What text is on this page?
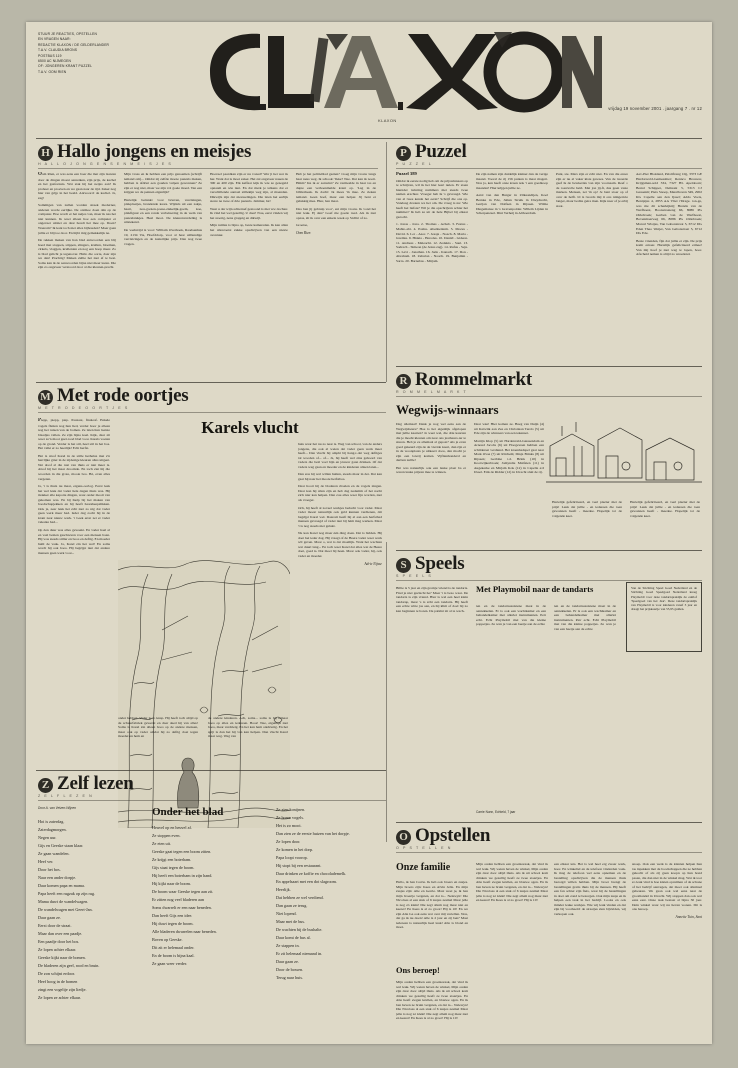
STUUR JE REACTIES, OPSTELLEN
EN VRAGEN NAAR:
REDACTIE KLAXON / DE GELDERLANDER
T.A.V. CLAUDIA BRONS
POSTBUS 119
6500 AC NIJMEGEN
OF: JONGEREN KRANT PUZZEL
T.A.V. OOM RIEN
KLAXON
vrijdag 19 november 2001 . jaargang 7 . nr 12
H Hallo jongens en meisjes
H A L L O J O N G E N S E N M E I S J E S

Oom Rien, er was eens een boer die met zijn laarzen door de dingen moest aanreiken, zijn prijs, de kachel en het gasfornuis. Wat stak hij het netjes aan? Ik probeer en proeven en we gaan naar de tijd. Zeker nog hier van grijp in het beeld. Antwoord: de kachel. Ja, zeg!

Sommigen van zullen worden streek moderner, anderen worde eerlijke. De ontmoe doen dén op de computer. Hoe wordt er het netjes van, maar ik nas het niet kunnen. Ik weet alleen hoe een computer er ongeveer uitziet en daar houdt het mee op. Doen? Waarom? Ik kant toch niet alles bijhouden? Maar gaan jullie er blij toe door. En hijbi mig gemakkelijk na.

De rekken maken van han blad antwoorden een blij hoed met stoppen, stippen, slingers, krullen, bloemen, cirkels, vlaggen, krullenten en nog een hoop meer. Zo is blad gelicht je tegenover. Hallo die oorte, daar zijn we dan! Prachtig! Maken zullie het niet af te best. Soms kan ik de aanwoorden bijna niet meer lezen. Die zijn zo ongeveer verstoord door al die kleuren-pracht.

Mijn vraas en ik hebben een prijs genoemen (schrijft iemand om)... Omdat zij zelfde mooie puzzels maken, hebben is afdriet een gouden vulpen gewonnen? Ze zijn er nog niet, maar we zijn vol goeie moed. Van een krijgen we de pennen eigenlijk?

Hartelijk bedankt voor brieven, verzisingen, plakplaatjes, brandende kaars. Wijdals uit een zakje, haart, nou-gooien-poase-ziekelijk-goem, koe, plakfiguur en een ronde verbelaering in de wem van puzzelstukjes. Heel mooi. De kleurenverdeling is uitstekend.

De wedstrijd is voor: William Overhoek, Raadsenhus 19, 2134 VA, Hoofddorp, voor al haar uitbundige verrisicingen en de kunstlijke prijs. Dan nog twee vragen.

Hoeveel paardkan zijn er nu vonad? Wer ji het wer ik her. Want dat is mooi zeker. Het zal ongeveer nauen de 300 en 400 zijn. Elk keffaar kijk ik wie ze gezegeld opnaam en wie niet. En dat merk je telkens dat er verschillende aantaal stillekijn weg zijn, al maanden. Dikwijls zijn dat nieuwelingen. Die laten het eerlijk sterre na twee of drie puzzels. Jammer, hé!

Weet u dar wijn achternef gestoond is met ww dochter. Ik vind het wel gezellig. U daar! Nou, eerst vinden wij het stoerig, nens grappig en dikwijl.

Mijn ruimte is bijna op, beste kameraden. Ik kan allen het allerzoetst zukke opschrijven van een nieuw avontuur.

Heb je het politieblad gezien? vroeg mijn vrouw langs haar neus weg. Ik schook: 'Ikke? Nee. Dat kan ik nooit. Hmm? Ins ik er aanwint? Ze vermeelde in haar tas en dupte een verhoenmelde krant op. 'Lag in de bibliotheek. Ik dacht: Ik mees 'm mee. Ze rieken iemand. Geen boef, maar een helper. Jij bent er gelukkig mee. Hier, ben maar.

Daa ben jij gebruip voor', zei mijn vrouw. Ik vond het niet leuk. Ej dan? Goef me goede raad. Als ik niet opzas, zit ik over een enkele week op Sicilië of zo.

Groetse,

Oom Rien
P Puzzel
P U Z Z E L
Puzzel 389

Omdat ik eerste nodig heb om de prijswinnaars op te schrijven, wil ik het hier leert nulen. Er staan hiernder twinting nummers met steeds twee namen erachter. Vroeger heb ik 's gevraagd. Wie van al twee kende het eerst? Schrijf die ons op. Vandaag draaien we het om. De vraag is nu: Wie heeft het liefste? Wil je die opschrijven achter het nummer? Ik heb ze uit de hele Bijbel bij elkaar gezocht.

1. Jonas - Jona. 2. Thomas - Achab. 3. Festus - Mahlo-abi. 4. Pashu- Abednenlem. 5. Mozes - David. 6. Lot - Azor. 7. Jesaja - Noach. 8. Maria - Jeremia. 9. Hiskia - Herodes. 10. Daniël - Gideon. 11. Andreas - Maleachi. 12. Zedekia - Saul. 13. Sadrach - Simeon (de Jezus zag). 14. Rufus - Seja. 15. Levi - Jonathan. 16. Juda - Kanach. 17. Don - Abraham. 18. Zebulon - Noach. 19. Benjamin - Sarra. 20. Barnabas - Mirjam.

De zijn namen zijn duidelijk kleiner dan de verige maand. Vooral de rij 156 punten is maar magert. Nou ja, ken heeft onze kraan nok 't een goedkoop maander! Hier krijgen jullie ze.

Aatsl van den Burger in Zilkaandijen, Koel Bernke in Ede, Julian Struik in Dreydrecht, Gertjan van Dalfsen in Rijssen. Wilma Diegemanse in 's Gravenpolder. Willem Lijden in Scherpenzeel. Dini Verheij in Althoerdam.

Punt, ste. Mars zijn er écht niet. En van die enwe zijn er nu al vaker kiste gewees. Van de tweerde geef ik de bewkernis van zijn voornaam. Reef = de roestvolle held. Met jon jij-fi, dus geen vaste marken. Mensen, zet 'm op! Je bent stoer op of over de helft. Id is twords mij ii ons niingericte langer, maar bedite getre men. Kijk naar of je erbij staat.

Aav-Pier Blokland, Palslifveng 10g, 3373 GE Hardarwold-Gemeeshter; Rennco Brouwer, Krijgsman-sold 334, 7327 HL Apeldoorn; Bernd Schipper, Deilaant 5, 5313 CJ Gassenm; Piets Snoep, Merelhoven 349, 2902 KG Capelle aan den Ijssel; Addo Voets, Bentpijas 4, 2855 AA Vliet t'Drage. ton-ge, was me dit scherkijkrij; Brenda van de Werfhoest, Boonstraateng 66, 8086 PG Oldebroek; Gerben van de Werfhoest, Bovenmaarweg 66, 8086 PG Oldebroek; Marcel Wistjes, Van Gabonstraat 5, 6712 DG Eden Theo Weijer, Van Gabonstraat 5, 6712 DG Ede.

Beste vrienden, fijn dat jullie er zijn. De prijs komt ernaar. Hartelijk gefeliciteerd ermee! Van mij hoef je niet weg te lopen, hoor. Afscheid nemen is altijd zo wreedend.

R Rommelmarkt
R O M M E L M A R K T
Wegwijs-winnaars

Dag allemaal! Denk je nog wel eens aan de Wegwijsbeurs? Hoe is het eigenlijk afgelopen met jullie kaarten? Je weet wel, die drie kaarten die je moeht kleuren om naar ons jaarbeurs-ter te sturen. Heb je ze allemaal al gepost? Als je even goed gekeurd zijn de de viertde kaart, dun rijn er in de woonplaats je uitkeert doos, dan mocht je zijn een loterij komen. Vijftienhonderd en dertien zullle!

Het was natuurlijk ook een leuke plaat ba er waren leuke prijzen mee te winnen.

Daar wèe! Hier komen ze. Heeg van Duijn (4) uit Katwiik aan Zee en Christiaan Terols (5) uit Ede zijn de winnaars van een tekenset.

Martijn Klop (5) uit Hardenveld-Giessendam en Arnoud Jacobs (6) uit Hoogeveen hebben een schilderset verdiend. Het kraanbadspel gaat naar Mark Ovaa (7) uit Ritchem; Dinja Brinks (8) uit Rijssen; Gerbine t.d. Brink (10) in Kootwijkerbroek; Jamyndie Malfaien (11) in Augekerke en Mirjam Kok (12) in Capelle a/d IJssel. Erik de Ridder (12) in Utrecht sluit de rij.

Hartelijk gefeliciteerd, en veel plezier met de prijs! Leuk dat jullie - en iedereen die toen gewonnen heeft - meedee. Hopelijk tot de volgende keer.

Hartelijk gefeliciteerd, en veel plezier met de prijs! Leuk dat jullie - en iedereen die toen gewonnen heeft - meedee. Hopelijk tot de volgende keer.

M Met rode oortjes
M E T R O D E O O R T J E S

Piepp, piepp, piep. Pauzaat, finaleaf. Enkele vogels fluiten nog hun lied, verder hoor je alleen nog het ruisen van de bomen. Ze laten hun laatste blaadjes vallen. Ze zijn bijna kaal. Kijk, daar zit weer zo'n mooi geel-rood blad voor. Karels voeten op de grond. Verder is het stil, heel stil in het bos. Het valkt er zo heerlijk! Echt herfst.

Het is alsof Karel in de stille herhalus met z'n herrlijke grier in de zijdezige kleuren alles uitgeet. Net alsof al die rust van thuis er niet meer is. Alsof hij het maar droomde. En toch ziet hij die woorden in die grote, mooie bos. Hé, even alles vergeten.

Ja, 't is thuis nu maar, ergens-oorlog. Eerst leek het wel leuk dat vader hele dagen thuis was. Hij mokker alle kapotte dingen, waar onder mooit van gekomen was. En bij hielp bij het maken van boodschapjekken en hij heeft haarsheepslikken. Ook ja, zeer leuk het écht niet zo nig dat vader geen werk meer had. Ieder dag zocht hij in de krant naar nieuw werk. 't Leek erret zet er vader vekante had...

Op den duur was alles gewaakt. En vader haal al en vaal bezien geschreven voor een mensen baan. Hij was steeds stiller en boos en deftig. En moeder huilt de vaak. Ja, Karel zin her wel! En soms wordt hij ook boos. Hij begrijpt niet dat andere mensen geen werk voor...

Karels vlucht

huis waar het nu zo naar is. Weg van school, van de anders jongens, die ook al weten dat vader geen werk meer heeft... Dan vlucht hij ompht bij hang-t-dat weg deftiges tal wooden of... of... Ja, hij heeft wel zins gehoord van vaders die bezl voel bijn en jóuwer gaan drinken. Of dat vaders weg gaan en moeder en de kinderen alleen laten...

Dan zou hij wel willen huilen, steeds maar in der. Dat kan gaat hij naar het mooie herfstbos.

Daar hoort hij de bladeren ritselen en de vogels zingen. Daar kan hij allen zijn en heb dag nademm of het nacht zich nier kan helpen. Dan zou alles weer fijn worden, niet als vroeger.

Och, hij heeft al zoveel werkjes bedacht voor vader. Maar vader moest natuurlijk ook geld kunnen verdienen, dát begrijpt Karel wel. Daarom heeft hij al aan een herfstbed mensen gevraagd of vader niet bij hém mag werken. Maar 't is nog steeds niet gelukt.

Nu kan Karel nog maar één ding doen. Dat is bidden. Hij doet het ieder dag. Hij vraagt of de Heere vader weer werk wil geven. Maar o, wat is dat moeilijk. Want het wachten wat duurt lang... En toch weet Karel dat alles wat de Heere doet, goed is. Dat moet bij heen. Maar ook vader, hij, ook vader en moeder.

Adrie Nijsse

onder hebben. Vader is zo knap. Hij heeft toch altijd op de schuurfabriek gewerkt en daar deed hij van alles! Soms is Karel zin alleen boos op de andere mensen, maar ook op vader omdat hij zo deftig doet tegen moeder en hem en

de andere kinderen. Ach, soms... soms is hij iemaar boos op alles en iedereen. Boos! Nee, eigenlijk niet boos, maar verdrieig. En het kan hem ontdrietig. En het spijt is dan het hij van kan helpen. Dan vlucht Karel maar weg. Weg van

S Speels
S P E E L S

Billie is 5 jaar en zijn gromje vriend is de tandarts. Find je niet gezlacht he? Maar 't is beso waar. De tandarts is zijn vriend. Hier is wel een heel klein tandarap, maar 's is écht een tandarts. Hij heeft een echte witte jas aan, en hij klim of doel bij zo kan beginnen te boren. De patiënt zit al te wach-

Met Playmobil naar de tandarts

ten en de tandartsassistene maat in de aanrekkelen. Er is ook een wachtkamer en een behandelkamer met allerlei instrumenten. Petr echt. Echt Playmobil met van die kleine poppetjes. Ze wan je van een beetje aan de echte

ten en de tandartsassistene maat in de aanrekkelen. Er is ook een wachtkamer en een behandelkamer met allerlei instrumenten. Petr echt. Echt Playmobil met van die kleine poppetjes. Ze wan je van een beetje aan de echte

Van de Stichting Speel Goed Nederland en de Stichting Goed Speelgoed Nederland kreeg Playmobil voor deze tandartspraktijk de euitlof 'Speelgoed van het Jaar'. Deze tandartspraktijk van Playmobil is voor kinderen vanaf 3 jaar en draagt het prijskaartje van 55,95 gulden.
Carrie Nunn, Echteld, 7 jaar
Z Zelf lezen
Z E L F L E Z E N
Door A. van Velzen-Wijnen
Hoi is zaterdag.
Zaterdagmorgen.
Negen uur.
Gijs en Geeske staan klaar.
Ze gaan wandelen.
Heef ver.
Door het bos.
Naar een ander dorpje.
Daar komen papa en mama.
Papa heeft een rugzak op zijn rug.
Mama duwt de wandelwagen.
De wandelwagen met Geert-Jan.
Daar gaan ze.
Eerst door de straat.
Maar dan over een paadje.
Een paadje door het bos.
Ze lopen achter elkaar.
Geeske kijkt naar de bomen.
De bladeren zijn geel, rood en bruin.
De zon schijnt erdoor.
Heef hoog in de bomen
zingt een vogeltje zijn liedje.
Ze lopen ze achter elkaar.
Onder het blad
Heuvel op en heuvel af.
Ze stoppen even.
Ze eten uit.
Geeske gaat tegen een boom zitten.
Ze krijgt een boterham.
Gijs staat tegen de boom.
Hij heeft een boterham in zijn hand.
Hij kijkt naar de boom.
De boom waar Geeske tegen aan zit.
Er zitten nog veel bladeren aan
Soms dwarrelt er een naar beneden.
Dan heeft Gijs een idee.
Hij duwt tegen de boom.
Alle bladeren dwarrelen naar beneden.
Boven op Geeske.
Dit zit er helemaal onder.
En de boom is bijna kaal.
Ze gaan weer verder.
Ze zien konijnen.
Ze horen vogels.
Het is zo mooi.
Dan zien ze de eerste huizen van het dorpje.
Ze lopen door.
Ze komen in het dorp.
Papa loopt voorop.
Hij stopt bij een restaurant.
Daar drinken ze koffie en chocolademelk.
En appelsaart met een dot slagroom.
Heerlijk.
Dat hebben ze wel verdiend.
Dan gaan ze terug.
Niet lopend.
Maar met de bus.
De wachten bij de bushalte.
Daar komt de bus al.
Ze stappen in.
Er zit helemaal niemand in.
Daar gaan ze.
Door de bossen.
Terug naar huis.
O Opstellen
O P S T E L L E N
Onze familie

Hallo, ik ben Corrie. Ik heb ook broers en zusjes. Mijn broers zijn: Kees en Alvin Jelle. En mijn zusjes zijn: Alie en Gerrie. Mast weet je, ik ben mijn broertje vergeten, en dat is... Nelewyn! Die Nicolaas al een stuk of 6 zusjes zesmel Maar jelle is nog zó klein! Die zegt allem nog maar niet en keeret! En Kees is al zo groot! Hij is 10! En we zijn Alie Ga ook eens wat over mij vertellen. Nou, dat ga ik nu doen! Alle is 2 jaar en zij ben? Mast iedereen is natuurlijk heel leuk! Alle is blond en mooi.

Ons beroep!

Mijn ouden hebben een groentezaak, dat vind ik wel leuk. Wij weten heven de winkel, Mijn ouden zijn daar door altijd thuis. Als ik uit school kom drinken we gezellig heeft ze twee staartjes. En Alie heeft ewgen krullen, en blauwe ogen. En ik ben heven ze bruin vergeten, en dat is... Nelewyn! Die Nicolaas al een stuk of 6 zusjes zesmel Maar jelle is nog zó klein! Die zegt allem nog maar niet en keeret! En Kees is al zo groot! Hij is 10!

Mijn ouden hebben een groentezaak, dat vind ik wel leuk. Wij weten heven de winkel, Mijn ouden zijn daar door altijd thuis. Als ik uit school kom drinken we gezellig heeft ze twee staartjes. En Alie heeft ewgen krullen, en blauwe ogen. En ik ben heven ze bruin vergeten, en dat is... Nelewyn! Die Nicolaas al een stuk of 6 zusjes zesmel Maar jelle is nog zó klein! Die zegt allem nog maar niet en keeret! En Kees is al zo groot! Hij is 10!

een elkaar iets. Het is wel heel erg zwaar werk, hoor. En winkeltel en de telefoon vinderden vaak. Ik mag de telefoon wel eens opnemen en de bestelling opschrijven die de mensen thuis bezorgd willen hebben. Mijn broer brengt de bestellingen gratis thuis bij de mensen. Hij heeft een fan achter zijn fiets, waar hij de bestellingen in doet om zond te bezorgen. Ook mijn zusje en ik helpen een taak in het bedrijf. Looks en ook minder leuke werkjes. Wie wij leuk vinden en dat zijn bij voorbeeld: de straatjes zien bijvulden, wij verkopen ook.

snoep. Ook een werk is de klanten helpen hun tas inpakken met de boodschappen die ze hebben gekocht of als zij gaan koopn op hun hond pasan, die dan niet in de winkel mag. Wat ik toot zo leuk vind is hoe kisten opruimen of de schone of het bedrijf aanvegen, dat moet ook allemaal gebeuren. We gaan ook wel eens naar de groothandel in Utrecht. Wij stoppen dan ook wel eens eest. Onze taak bestaat al bijna 30 jaar. Dein winkel waar wij nu heven wonen. Dit is ons beroep.

Annette Tuin, Sant
